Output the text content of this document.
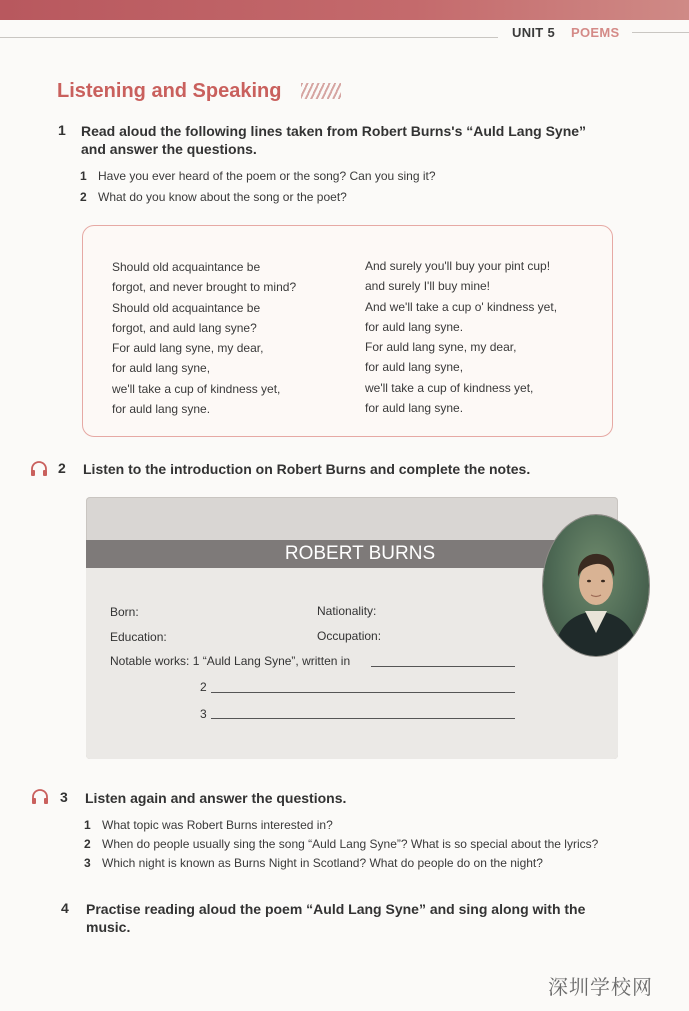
UNIT 5 POEMS
Listening and Speaking
1 Read aloud the following lines taken from Robert Burns's “Auld Lang Syne”
and answer the questions.
1 Have you ever heard of the poem or the song? Can you sing it?
2 What do you know about the song or the poet?
Should old acquaintance be
forgot, and never brought to mind?
Should old acquaintance be
forgot, and auld lang syne?
For auld lang syne, my dear,
for auld lang syne,
we'll take a cup of kindness yet,
for auld lang syne.
And surely you'll buy your pint cup!
and surely I'll buy mine!
And we'll take a cup o' kindness yet,
for auld lang syne.
For auld lang syne, my dear,
for auld lang syne,
we'll take a cup of kindness yet,
for auld lang syne.
2 Listen to the introduction on Robert Burns and complete the notes.
ROBERT BURNS
Born:	Nationality:
Education:	Occupation:
Notable works: 1 “Auld Lang Syne”, written in
2
3
3 Listen again and answer the questions.
1 What topic was Robert Burns interested in?
2 When do people usually sing the song “Auld Lang Syne”? What is so special about the lyrics?
3 Which night is known as Burns Night in Scotland? What do people do on the night?
4 Practise reading aloud the poem “Auld Lang Syne” and sing along with the
music.
深圳学校网
